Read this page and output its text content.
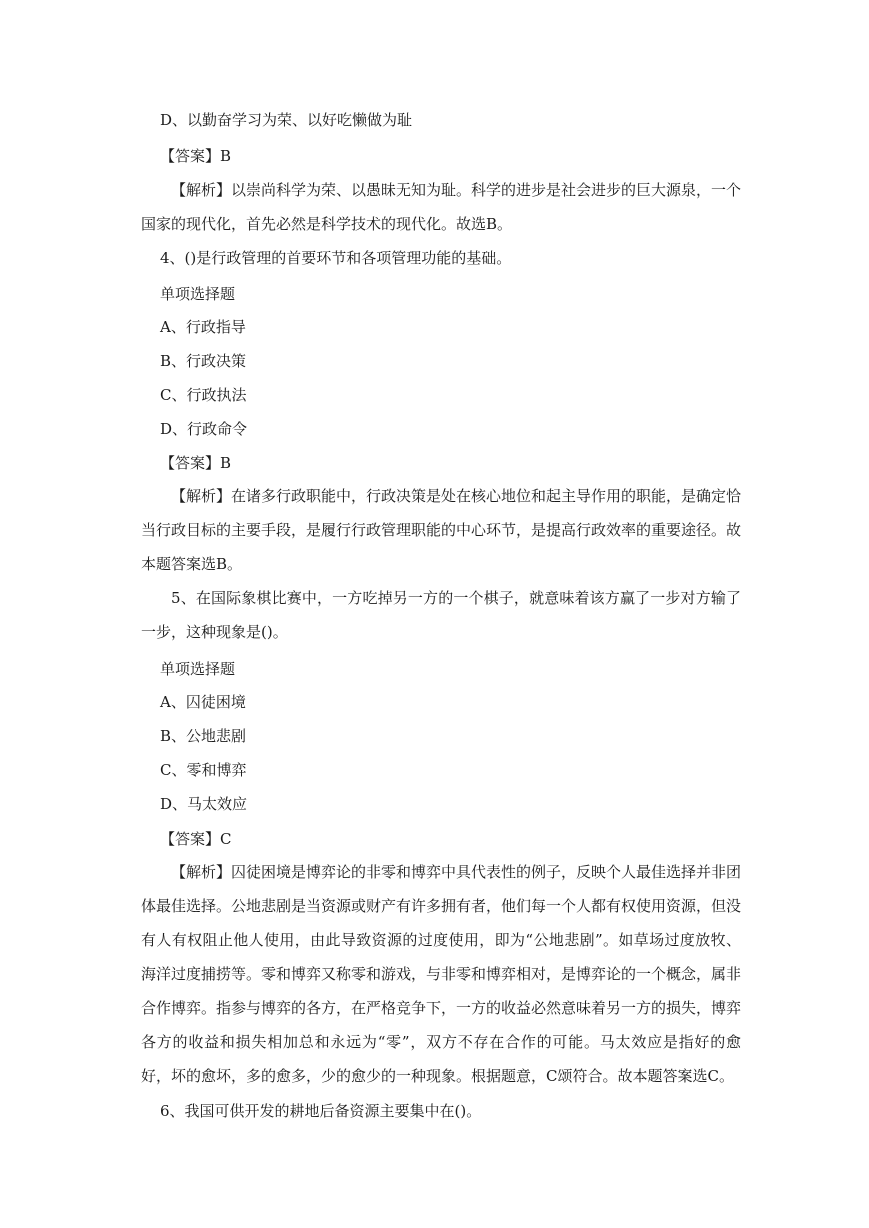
D、以勤奋学习为荣、以好吃懒做为耻
【答案】B
【解析】以崇尚科学为荣、以愚昧无知为耻。科学的进步是社会进步的巨大源泉，一个国家的现代化，首先必然是科学技术的现代化。故选B。
4、()是行政管理的首要环节和各项管理功能的基础。
单项选择题
A、行政指导
B、行政决策
C、行政执法
D、行政命令
【答案】B
【解析】在诸多行政职能中，行政决策是处在核心地位和起主导作用的职能，是确定恰当行政目标的主要手段，是履行行政管理职能的中心环节，是提高行政效率的重要途径。故本题答案选B。
5、在国际象棋比赛中，一方吃掉另一方的一个棋子，就意味着该方赢了一步对方输了一步，这种现象是()。
单项选择题
A、囚徒困境
B、公地悲剧
C、零和博弈
D、马太效应
【答案】C
【解析】囚徒困境是博弈论的非零和博弈中具代表性的例子，反映个人最佳选择并非团体最佳选择。公地悲剧是当资源或财产有许多拥有者，他们每一个人都有权使用资源，但没有人有权阻止他人使用，由此导致资源的过度使用，即为“公地悲剧”。如草场过度放牧、海洋过度捕捞等。零和博弈又称零和游戏，与非零和博弈相对，是博弈论的一个概念，属非合作博弈。指参与博弈的各方，在严格竞争下，一方的收益必然意味着另一方的损失，博弈各方的收益和损失相加总和永远为“零”，双方不存在合作的可能。马太效应是指好的愈好，坏的愈坏，多的愈多，少的愈少的一种现象。根据题意，C颂符合。故本题答案选C。
6、我国可供开发的耕地后备资源主要集中在()。
